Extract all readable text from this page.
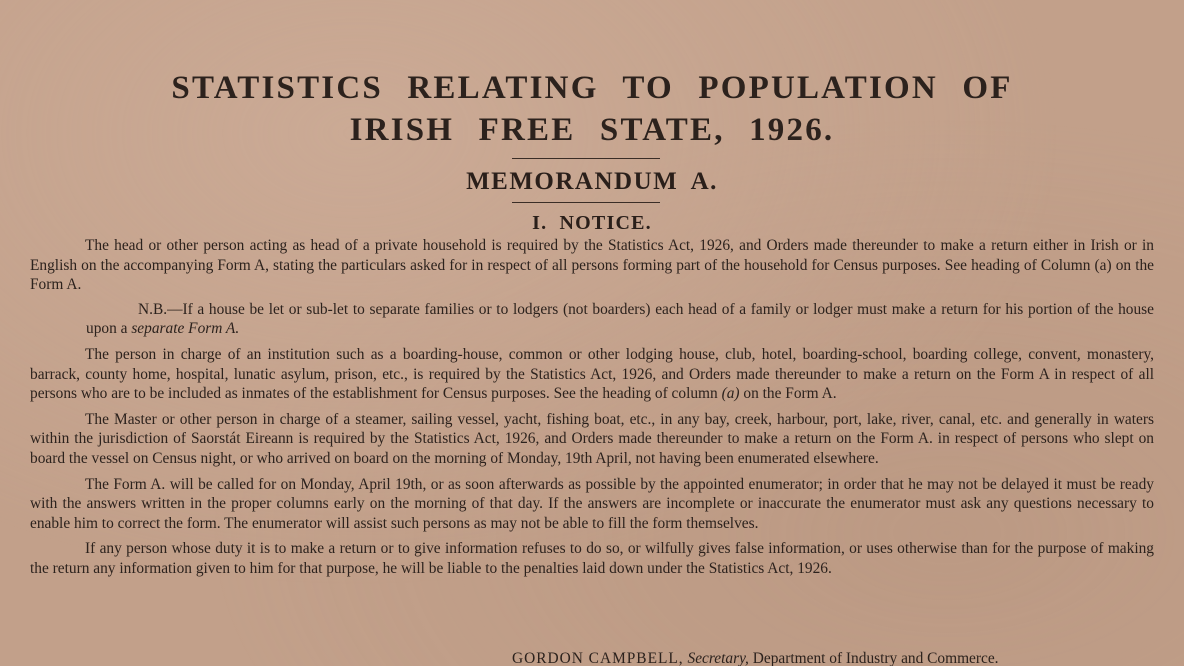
STATISTICS RELATING TO POPULATION OF
IRISH FREE STATE, 1926.
MEMORANDUM A.
I. NOTICE.

The head or other person acting as head of a private household is required by the Statistics Act, 1926, and Orders made thereunder to make a return either in Irish or in English on the accompanying Form A, stating the particulars asked for in respect of all persons forming part of the household for Census purposes. See heading of Column (a) on the Form A.

N.B.—If a house be let or sub-let to separate families or to lodgers (not boarders) each head of a family or lodger must make a return for his portion of the house upon a separate Form A.

The person in charge of an institution such as a boarding-house, common or other lodging house, club, hotel, boarding-school, boarding college, convent, monastery, barrack, county home, hospital, lunatic asylum, prison, etc., is required by the Statistics Act, 1926, and Orders made thereunder to make a return on the Form A in respect of all persons who are to be included as inmates of the establishment for Census purposes. See the heading of column (a) on the Form A.

The Master or other person in charge of a steamer, sailing vessel, yacht, fishing boat, etc., in any bay, creek, harbour, port, lake, river, canal, etc. and generally in waters within the jurisdiction of Saorstát Eireann is required by the Statistics Act, 1926, and Orders made thereunder to make a return on the Form A. in respect of persons who slept on board the vessel on Census night, or who arrived on board on the morning of Monday, 19th April, not having been enumerated elsewhere.

The Form A. will be called for on Monday, April 19th, or as soon afterwards as possible by the appointed enumerator; in order that he may not be delayed it must be ready with the answers written in the proper columns early on the morning of that day. If the answers are incomplete or inaccurate the enumerator must ask any questions necessary to enable him to correct the form. The enumerator will assist such persons as may not be able to fill the form themselves.

If any person whose duty it is to make a return or to give information refuses to do so, or wilfully gives false information, or uses otherwise than for the purpose of making the return any information given to him for that purpose, he will be liable to the penalties laid down under the Statistics Act, 1926.

GORDON CAMPBELL, Secretary, Department of Industry and Commerce.
